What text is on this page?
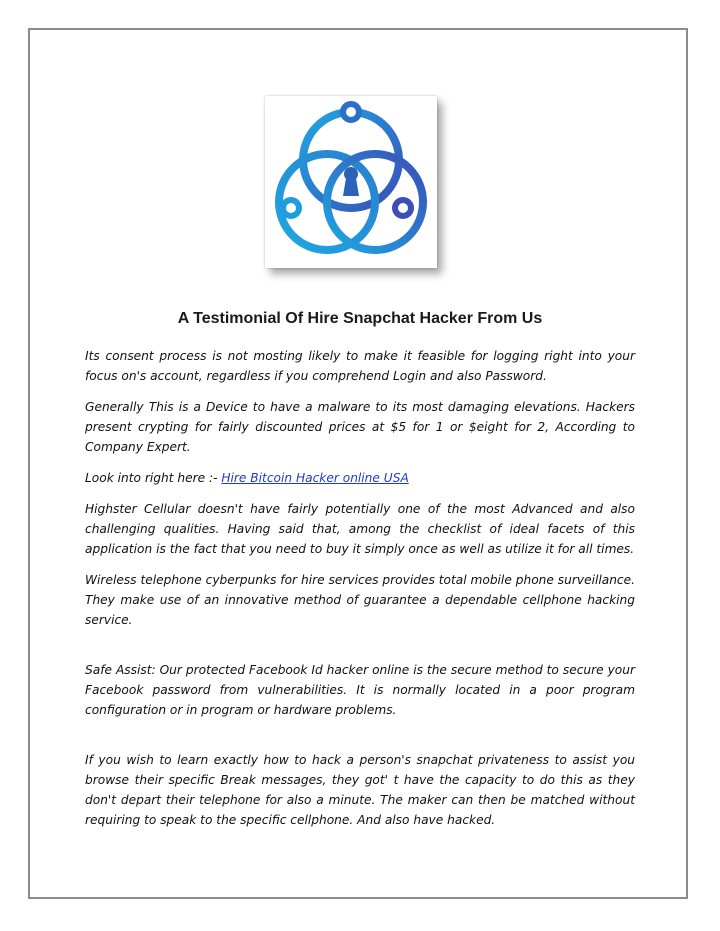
A Testimonial Of Hire Snapchat Hacker From Us

Its consent process is not mosting likely to make it feasible for logging right into your focus on's account, regardless if you comprehend Login and also Password.

Generally This is a Device to have a malware to its most damaging elevations. Hackers present crypting for fairly discounted prices at $5 for 1 or $eight for 2, According to Company Expert.

Look into right here :- Hire Bitcoin Hacker online USA

Highster Cellular doesn't have fairly potentially one of the most Advanced and also challenging qualities. Having said that, among the checklist of ideal facets of this application is the fact that you need to buy it simply once as well as utilize it for all times.

Wireless telephone cyberpunks for hire services provides total mobile phone surveillance. They make use of an innovative method of guarantee a dependable cellphone hacking service.

Safe Assist: Our protected Facebook Id hacker online is the secure method to secure your Facebook password from vulnerabilities. It is normally located in a poor program configuration or in program or hardware problems.

If you wish to learn exactly how to hack a person's snapchat privateness to assist you browse their specific Break messages, they got' t have the capacity to do this as they don't depart their telephone for also a minute. The maker can then be matched without requiring to speak to the specific cellphone. And also have hacked.
